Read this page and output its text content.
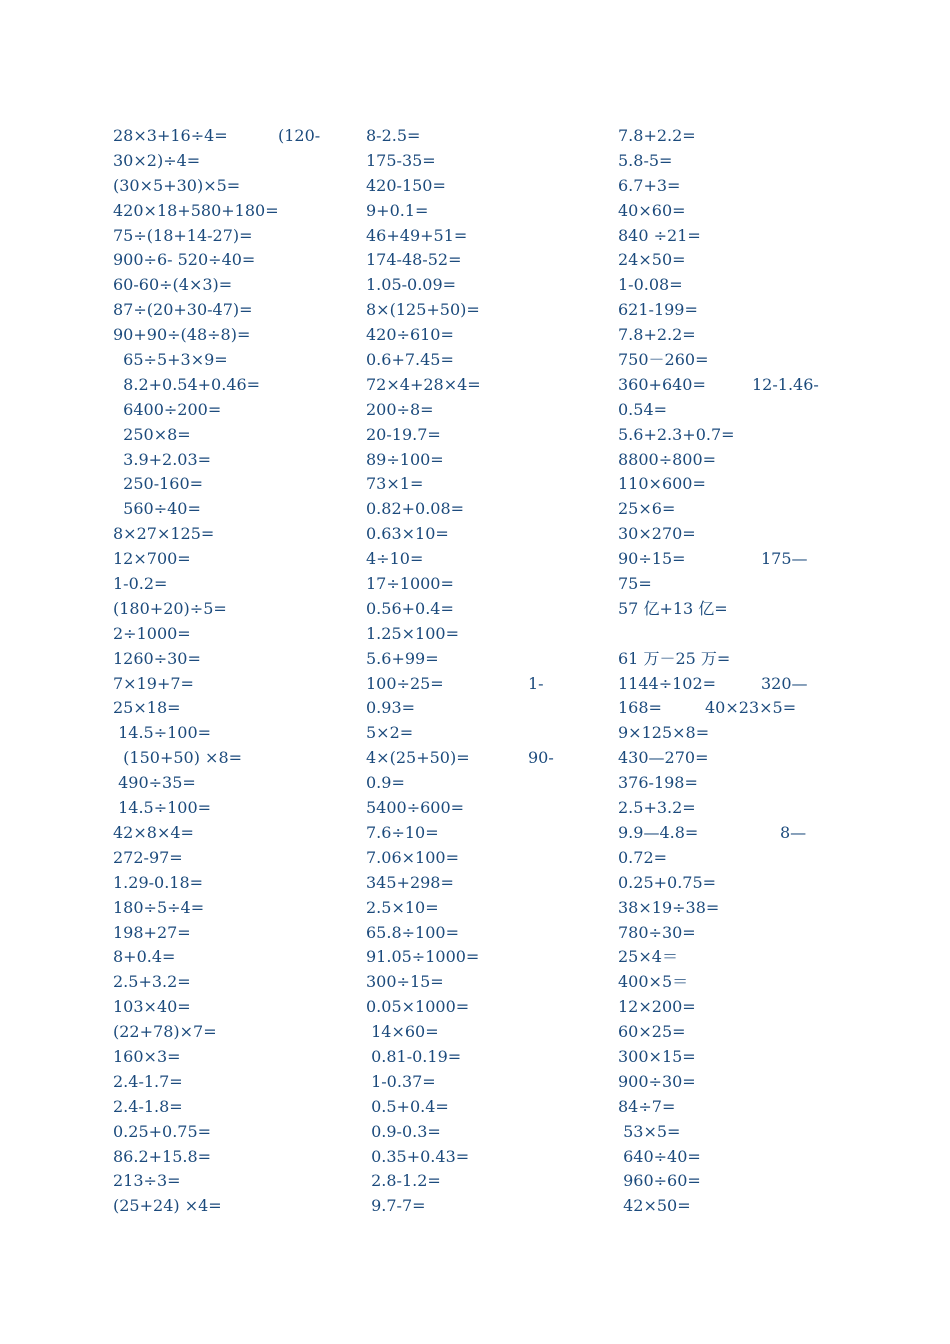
28×3+16÷4=	(120-
30×2)÷4=
(30×5+30)×5=
420×18+580+180=
75÷(18+14-27)=
900÷6- 520÷40=
60-60÷(4×3)=
87÷(20+30-47)=
90+90÷(48÷8)=
65÷5+3×9=
8.2+0.54+0.46=
6400÷200=
250×8=
3.9+2.03=
250-160=
560÷40=
8×27×125=
12×700=
1-0.2=
(180+20)÷5=
2÷1000=
1260÷30=
7×19+7=
25×18=
14.5÷100=
(150+50) ×8=
490÷35=
14.5÷100=
42×8×4=
272-97=
1.29-0.18=
180÷5÷4=
198+27=
8+0.4=
2.5+3.2=
103×40=
(22+78)×7=
160×3=
2.4-1.7=
2.4-1.8=
0.25+0.75=
86.2+15.8=
213÷3=
(25+24) ×4=
8-2.5=
175-35=
420-150=
9+0.1=
46+49+51=
174-48-52=
1.05-0.09=
8×(125+50)=
420÷610=
0.6+7.45=
72×4+28×4=
200÷8=
20-19.7=
89÷100=
73×1=
0.82+0.08=
0.63×10=
4÷10=
17÷1000=
0.56+0.4=
1.25×100=
5.6+99=
100÷25=	1-
0.93=
5×2=
4×(25+50)=	90-
0.9=
5400÷600=
7.6÷10=
7.06×100=
345+298=
2.5×10=
65.8÷100=
91.05÷1000=
300÷15=
0.05×1000=
14×60=
0.81-0.19=
1-0.37=
0.5+0.4=
0.9-0.3=
0.35+0.43=
2.8-1.2=
9.7-7=
7.8+2.2=
5.8-5=
6.7+3=
40×60=
840 ÷21=
24×50=
1-0.08=
621-199=
7.8+2.2=
750－260=
360+640=	12-1.46-
0.54=
5.6+2.3+0.7=
8800÷800=
110×600=
25×6=
30×270=
90÷15=	175—
75=
57 亿+13 亿=
61 万－25 万=
1144÷102=	320—
168=	40×23×5=
9×125×8=
430—270=
376-198=
2.5+3.2=
9.9—4.8=	8—
0.72=
0.25+0.75=
38×19÷38=
780÷30=
25×4＝
400×5＝
12×200=
60×25=
300×15=
900÷30=
84÷7=
53×5=
640÷40=
960÷60=
42×50=
